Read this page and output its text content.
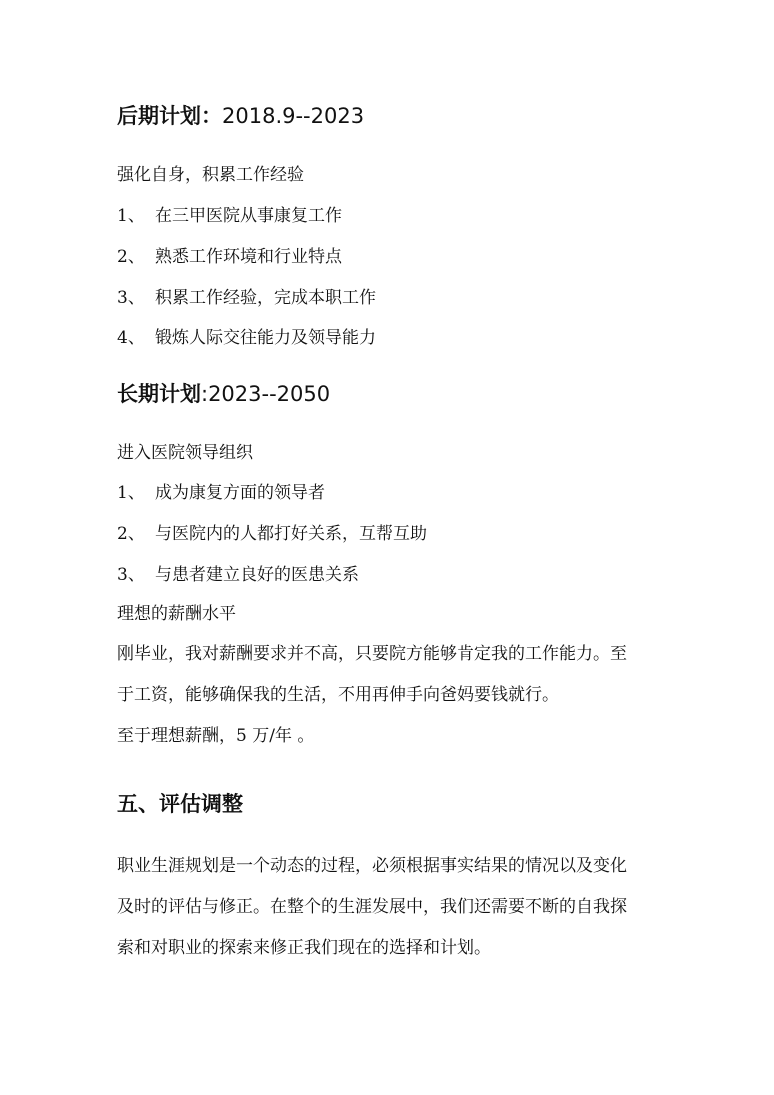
后期计划：2018.9--2023
强化自身，积累工作经验
1、 在三甲医院从事康复工作
2、 熟悉工作环境和行业特点
3、 积累工作经验，完成本职工作
4、 锻炼人际交往能力及领导能力
长期计划:2023--2050
进入医院领导组织
1、 成为康复方面的领导者
2、 与医院内的人都打好关系，互帮互助
3、 与患者建立良好的医患关系
理想的薪酬水平
刚毕业，我对薪酬要求并不高，只要院方能够肯定我的工作能力。至
于工资，能够确保我的生活，不用再伸手向爸妈要钱就行。
至于理想薪酬，5 万/年 。
五、评估调整
职业生涯规划是一个动态的过程，必须根据事实结果的情况以及变化
及时的评估与修正。在整个的生涯发展中，我们还需要不断的自我探
索和对职业的探索来修正我们现在的选择和计划。
